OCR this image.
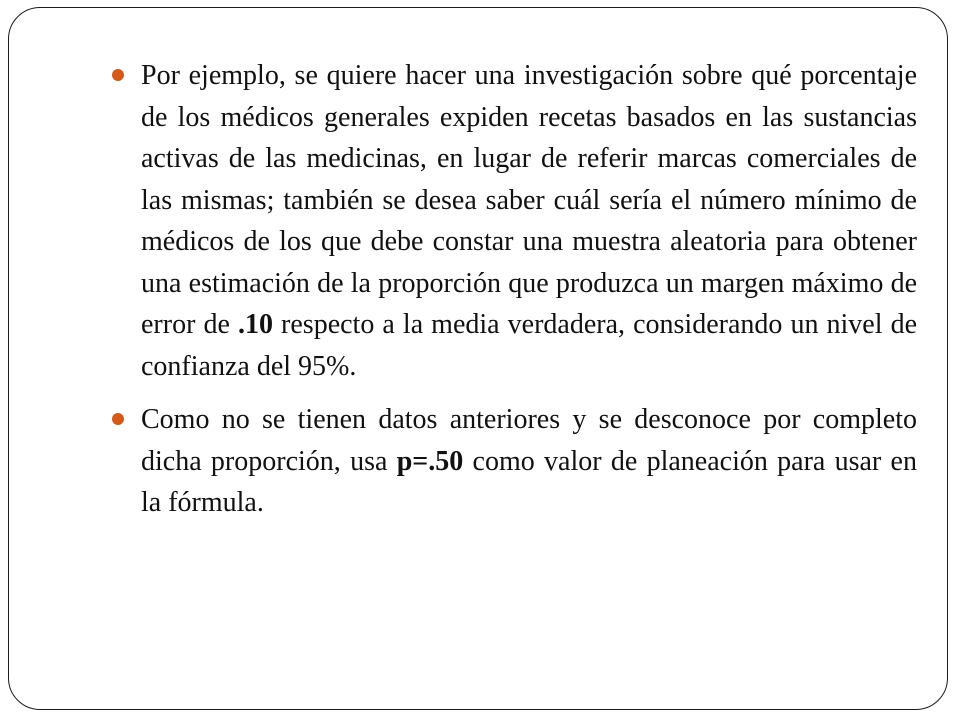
Por ejemplo, se quiere hacer una investigación sobre qué porcentaje de los médicos generales expiden recetas basados en las sustancias activas de las medicinas, en lugar de referir marcas comerciales de las mismas; también se desea saber cuál sería el número mínimo de médicos de los que debe constar una muestra aleatoria para obtener una estimación de la proporción que produzca un margen máximo de error de .10 respecto a la media verdadera, considerando un nivel de confianza del 95%.

Como no se tienen datos anteriores y se desconoce por completo dicha proporción, usa p=.50 como valor de planeación para usar en la fórmula.
